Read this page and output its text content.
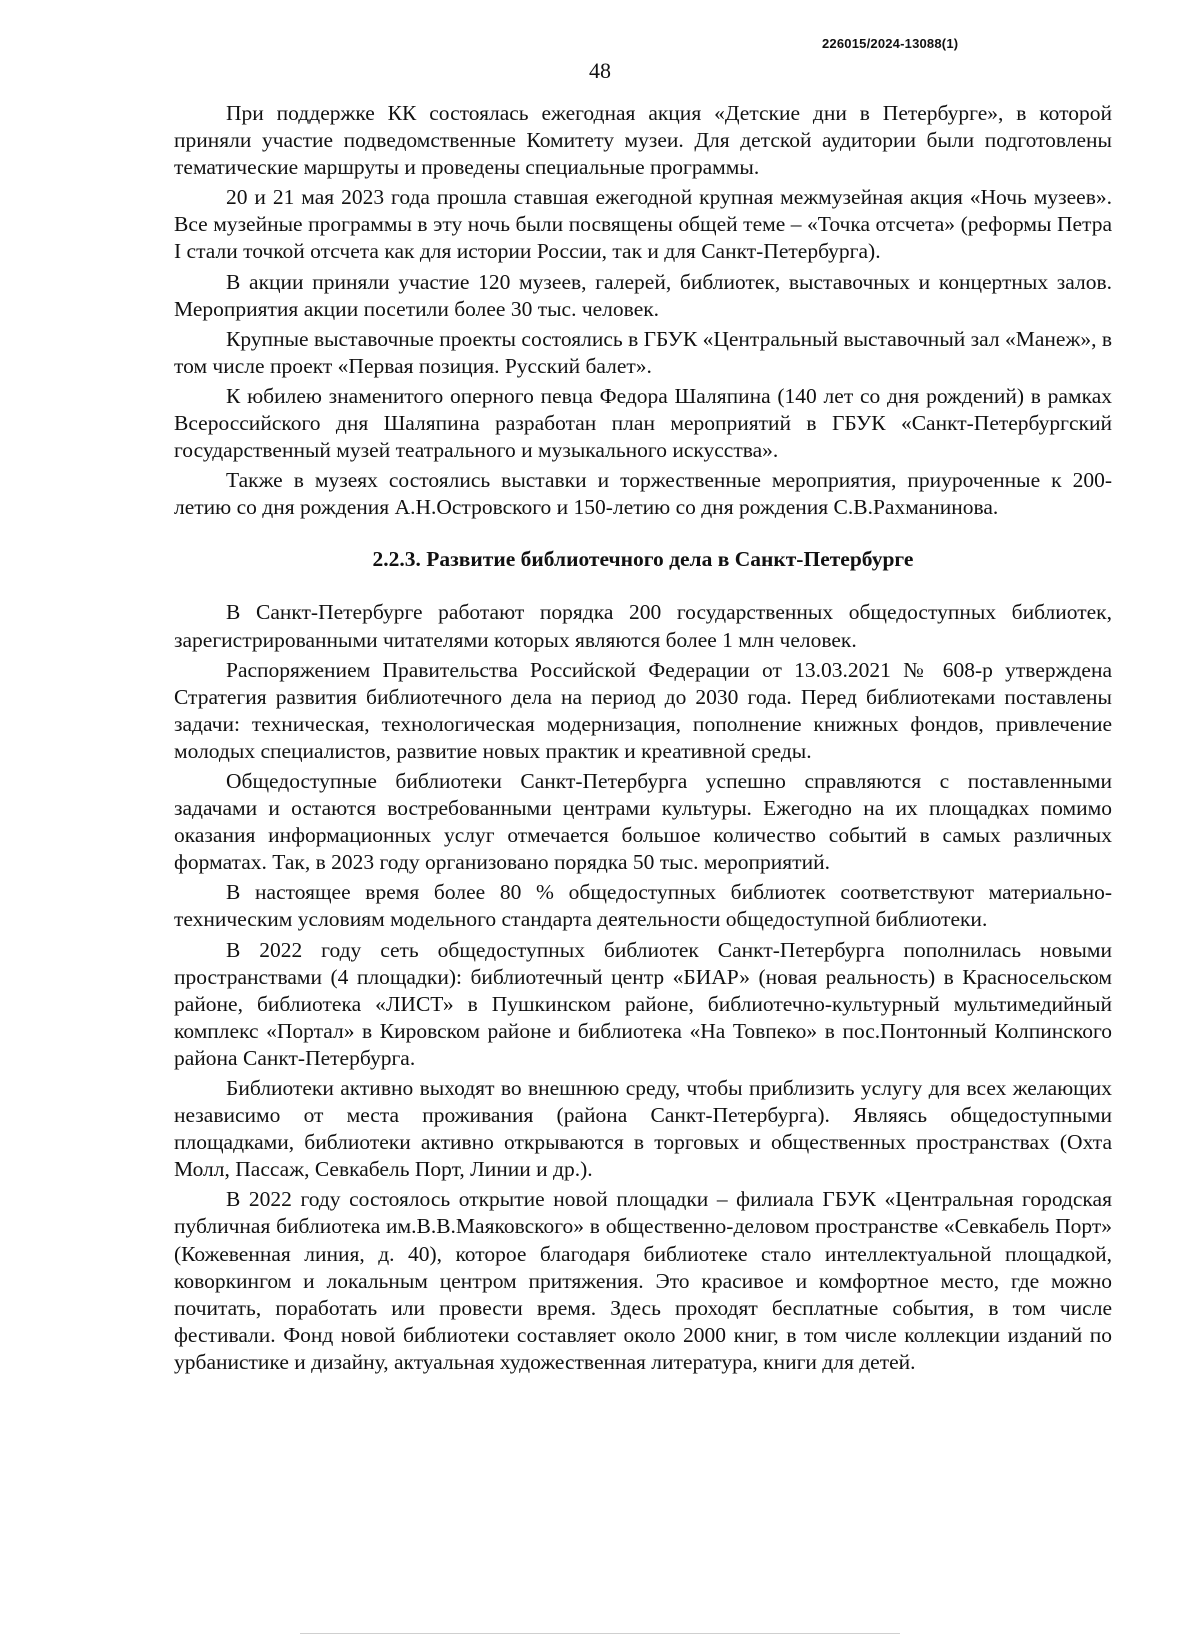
226015/2024-13088(1)
48

При поддержке КК состоялась ежегодная акция «Детские дни в Петербурге», в которой приняли участие подведомственные Комитету музеи. Для детской аудитории были подготовлены тематические маршруты и проведены специальные программы.

20 и 21 мая 2023 года прошла ставшая ежегодной крупная межмузейная акция «Ночь музеев». Все музейные программы в эту ночь были посвящены общей теме – «Точка отсчета» (реформы Петра I стали точкой отсчета как для истории России, так и для Санкт-Петербурга).

В акции приняли участие 120 музеев, галерей, библиотек, выставочных и концертных залов. Мероприятия акции посетили более 30 тыс. человек.

Крупные выставочные проекты состоялись в ГБУК «Центральный выставочный зал «Манеж», в том числе проект «Первая позиция. Русский балет».

К юбилею знаменитого оперного певца Федора Шаляпина (140 лет со дня рождений) в рамках Всероссийского дня Шаляпина разработан план мероприятий в ГБУК «Санкт-Петербургский государственный музей театрального и музыкального искусства».

Также в музеях состоялись выставки и торжественные мероприятия, приуроченные к 200-летию со дня рождения А.Н.Островского и 150-летию со дня рождения С.В.Рахманинова.

2.2.3. Развитие библиотечного дела в Санкт-Петербурге

В Санкт-Петербурге работают порядка 200 государственных общедоступных библиотек, зарегистрированными читателями которых являются более 1 млн человек.

Распоряжением Правительства Российской Федерации от 13.03.2021 № 608-р утверждена Стратегия развития библиотечного дела на период до 2030 года. Перед библиотеками поставлены задачи: техническая, технологическая модернизация, пополнение книжных фондов, привлечение молодых специалистов, развитие новых практик и креативной среды.

Общедоступные библиотеки Санкт-Петербурга успешно справляются с поставленными задачами и остаются востребованными центрами культуры. Ежегодно на их площадках помимо оказания информационных услуг отмечается большое количество событий в самых различных форматах. Так, в 2023 году организовано порядка 50 тыс. мероприятий.

В настоящее время более 80 % общедоступных библиотек соответствуют материально-техническим условиям модельного стандарта деятельности общедоступной библиотеки.

В 2022 году сеть общедоступных библиотек Санкт-Петербурга пополнилась новыми пространствами (4 площадки): библиотечный центр «БИАР» (новая реальность) в Красносельском районе, библиотека «ЛИСТ» в Пушкинском районе, библиотечно-культурный мультимедийный комплекс «Портал» в Кировском районе и библиотека «На Товпеко» в пос.Понтонный Колпинского района Санкт-Петербурга.

Библиотеки активно выходят во внешнюю среду, чтобы приблизить услугу для всех желающих независимо от места проживания (района Санкт-Петербурга). Являясь общедоступными площадками, библиотеки активно открываются в торговых и общественных пространствах (Охта Молл, Пассаж, Севкабель Порт, Линии и др.).

В 2022 году состоялось открытие новой площадки – филиала ГБУК «Центральная городская публичная библиотека им.В.В.Маяковского» в общественно-деловом пространстве «Севкабель Порт» (Кожевенная линия, д. 40), которое благодаря библиотеке стало интеллектуальной площадкой, коворкингом и локальным центром притяжения. Это красивое и комфортное место, где можно почитать, поработать или провести время. Здесь проходят бесплатные события, в том числе фестивали. Фонд новой библиотеки составляет около 2000 книг, в том числе коллекции изданий по урбанистике и дизайну, актуальная художественная литература, книги для детей.
